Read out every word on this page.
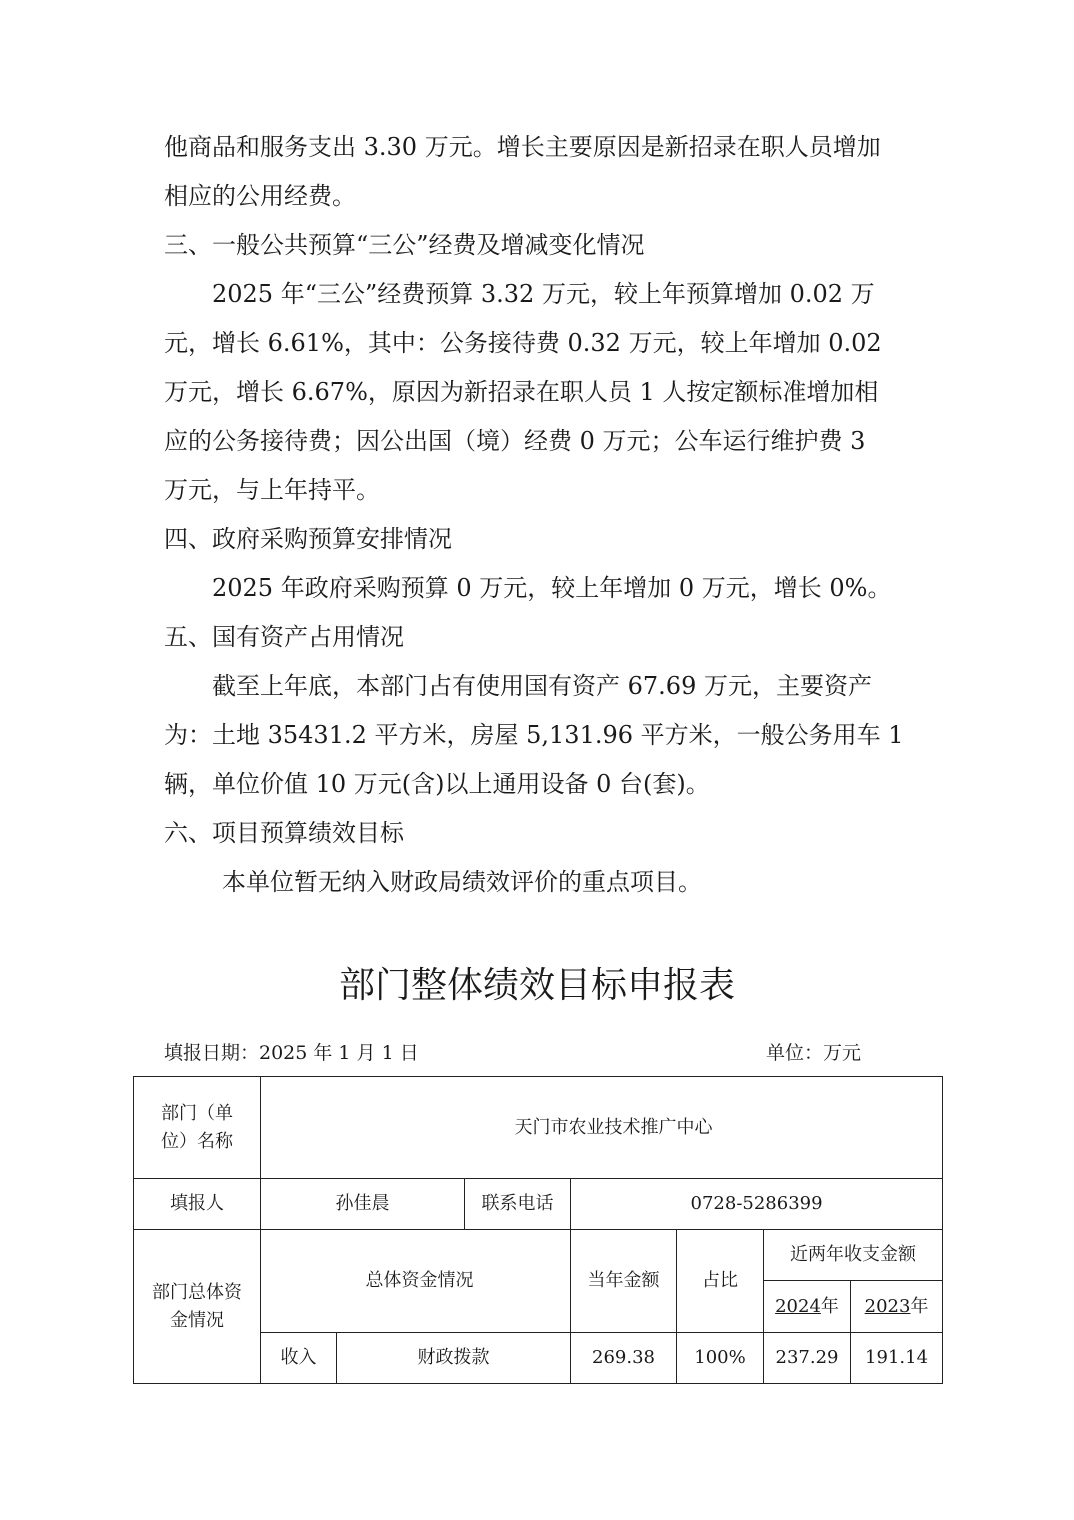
他商品和服务支出 3.30 万元。增长主要原因是新招录在职人员增加
相应的公用经费。
三、一般公共预算“三公”经费及增减变化情况
2025 年“三公”经费预算 3.32 万元，较上年预算增加 0.02 万
元，增长 6.61%，其中：公务接待费 0.32 万元，较上年增加 0.02
万元，增长 6.67%，原因为新招录在职人员 1 人按定额标准增加相
应的公务接待费；因公出国（境）经费 0 万元；公车运行维护费 3
万元，与上年持平。
四、政府采购预算安排情况
2025 年政府采购预算 0 万元，较上年增加 0 万元，增长 0%。
五、国有资产占用情况
截至上年底，本部门占有使用国有资产 67.69 万元，主要资产
为：土地 35431.2 平方米，房屋 5,131.96 平方米，一般公务用车 1
辆，单位价值 10 万元(含)以上通用设备 0 台(套)。
六、项目预算绩效目标
本单位暂无纳入财政局绩效评价的重点项目。
部门整体绩效目标申报表
填报日期：2025 年 1 月 1 日	单位：万元
部门（单位）名称	天门市农业技术推广中心						
填报人	孙佳晨		联系电话	0728-5286399			
部门总体资金情况	总体资金情况			当年金额	占比	近两年收支金额	
						2024年	2023年
	收入	财政拨款		269.38	100%	237.29	191.14
